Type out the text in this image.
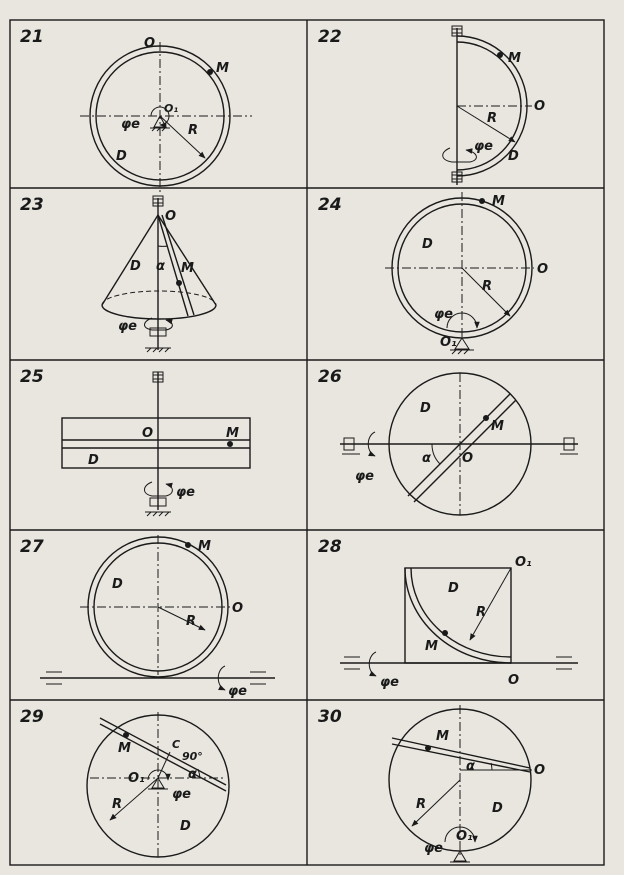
21	O
M
O₁
φe	R
D
22
M
O
R
φe
D
23
O
D α M
φe
24	M
D
O
R
φe
O₁
25
O	M
D
φe
26
D
M
α O
φe
27	M
D
O
R
φe
28
O₁
D
R
M
O
φe
29
M	C
90°
O₁	α
φe
R
D
30
M
α	O
R	D
φe
O₁
